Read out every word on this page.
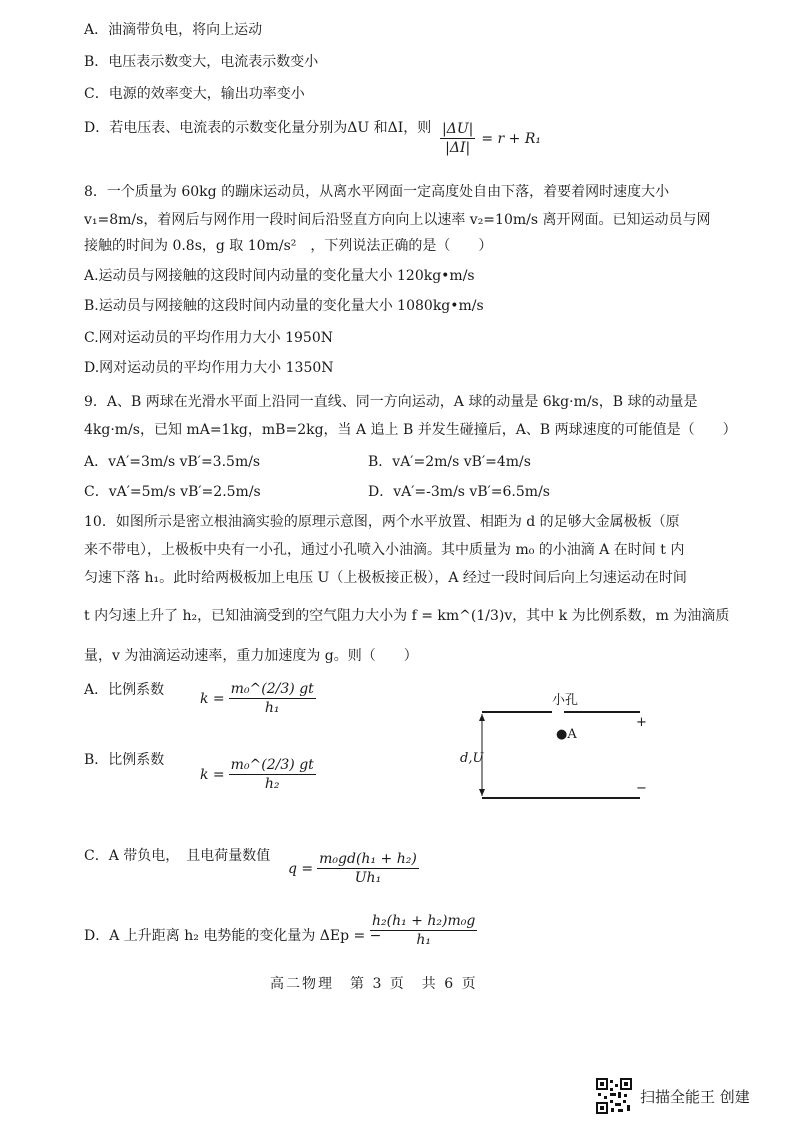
A．油滴带负电，将向上运动
B．电压表示数变大，电流表示数变小
C．电源的效率变大，输出功率变小
D．若电压表、电流表的示数变化量分别为ΔU 和ΔI，则 $\frac{|\Delta U|}{|\Delta I|} = r + R_1$
8．一个质量为 60kg 的蹦床运动员，从离水平网面一定高度处自由下落，着要着网时速度大小
v₁=8m/s，着网后与网作用一段时间后沿竖直方向向上以速率 v₂=10m/s 离开网面。已知运动员与网
接触的时间为 0.8s，g 取 10m/s²　，下列说法正确的是（　　）
A.运动员与网接触的这段时间内动量的变化量大小 120kg•m/s
B.运动员与网接触的这段时间内动量的变化量大小 1080kg•m/s
C.网对运动员的平均作用力大小 1950N
D.网对运动员的平均作用力大小 1350N
9．A、B 两球在光滑水平面上沿同一直线、同一方向运动，A 球的动量是 6kg·m/s，B 球的动量是
4kg·m/s，已知 mA=1kg，mB=2kg，当 A 追上 B 并发生碰撞后，A、B 两球速度的可能值是（　　）
A．vA′=3m/s vB′=3.5m/s	B．vA′=2m/s vB′=4m/s
C．vA′=5m/s vB′=2.5m/s	D．vA′=-3m/s vB′=6.5m/s
10．如图所示是密立根油滴实验的原理示意图，两个水平放置、相距为 d 的足够大金属极板（原
来不带电），上极板中央有一小孔，通过小孔喷入小油滴。其中质量为 m₀ 的小油滴 A 在时间 t 内
匀速下落 h₁。此时给两极板加上电压 U（上极板接正极），A 经过一段时间后向上匀速运动在时间
t 内匀速上升了 h₂，已知油滴受到的空气阻力大小为 f = km^(1/3)v，其中 k 为比例系数，m 为油滴质
量，v 为油滴运动速率，重力加速度为 g。则（　　）
A．比例系数
$k = \frac{\text{m₀\textasciicircum{}(2/3) gt}}{\text{h₁}}$
B．比例系数
$k = \frac{\text{m₀\textasciicircum{}(2/3) gt}}{\text{h₂}}$
小孔
●A
d,U
+
−
C．A 带负电，　且电荷量数值
$q = \frac{\text{m₀gd(h₁ + h₂)}}{\text{Uh₁}}$
D．A 上升距离 h₂ 电势能的变化量为 ΔEp = −
$\frac{\text{h₂(h₁ + h₂)m₀g}}{\text{h₁}}$
高二物理　第 3 页　共 6 页
扫描全能王 创建
